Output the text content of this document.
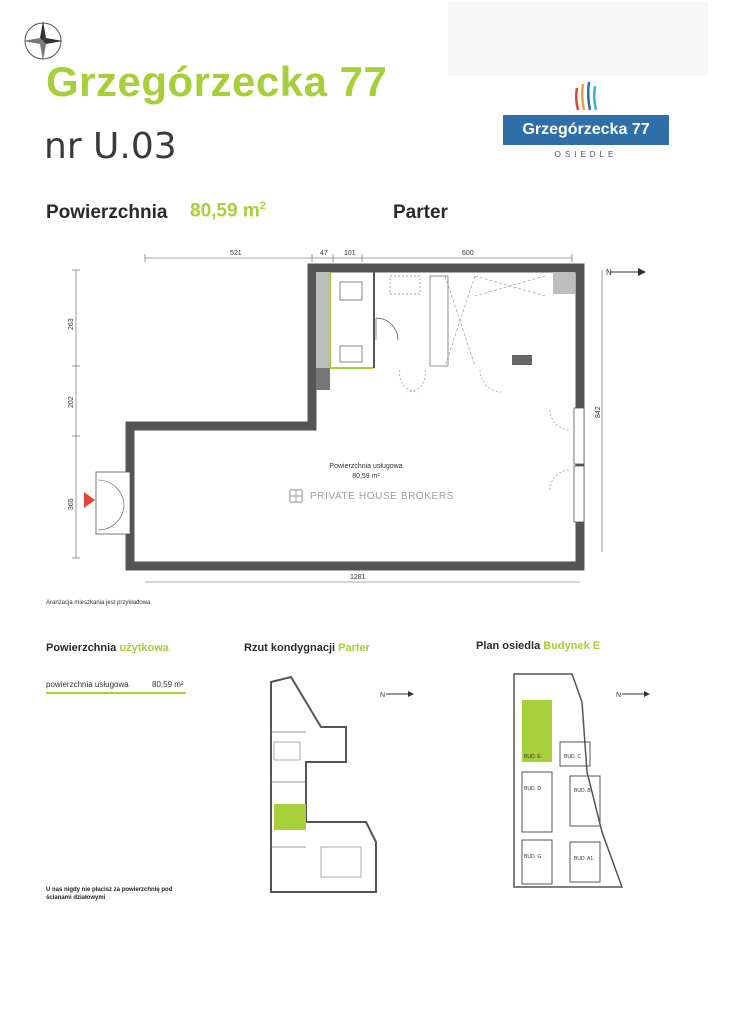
Grzegórzecka 77
nr U.03	Grzegórzecka 77
OSIEDLE
Powierzchnia 80,59 $m^2$	Parter
521	47 101	600
263
202
365
842
1281
Powierzchnia usługowa
80,59 m²
N
PRIVATE HOUSE BROKERS
Aranżacja mieszkania jest przykładowa
Powierzchnia użytkowa
powierzchnia usługowa	80,59 m²
Rzut kondygnacji Parter
N
Plan osiedla Budynek E
BUD. E	BUD. C
BUD. D	BUD. B
BUD. G	BUD. A1
N
U nas nigdy nie płacisz za powierzchnię pod ścianami działowymi
